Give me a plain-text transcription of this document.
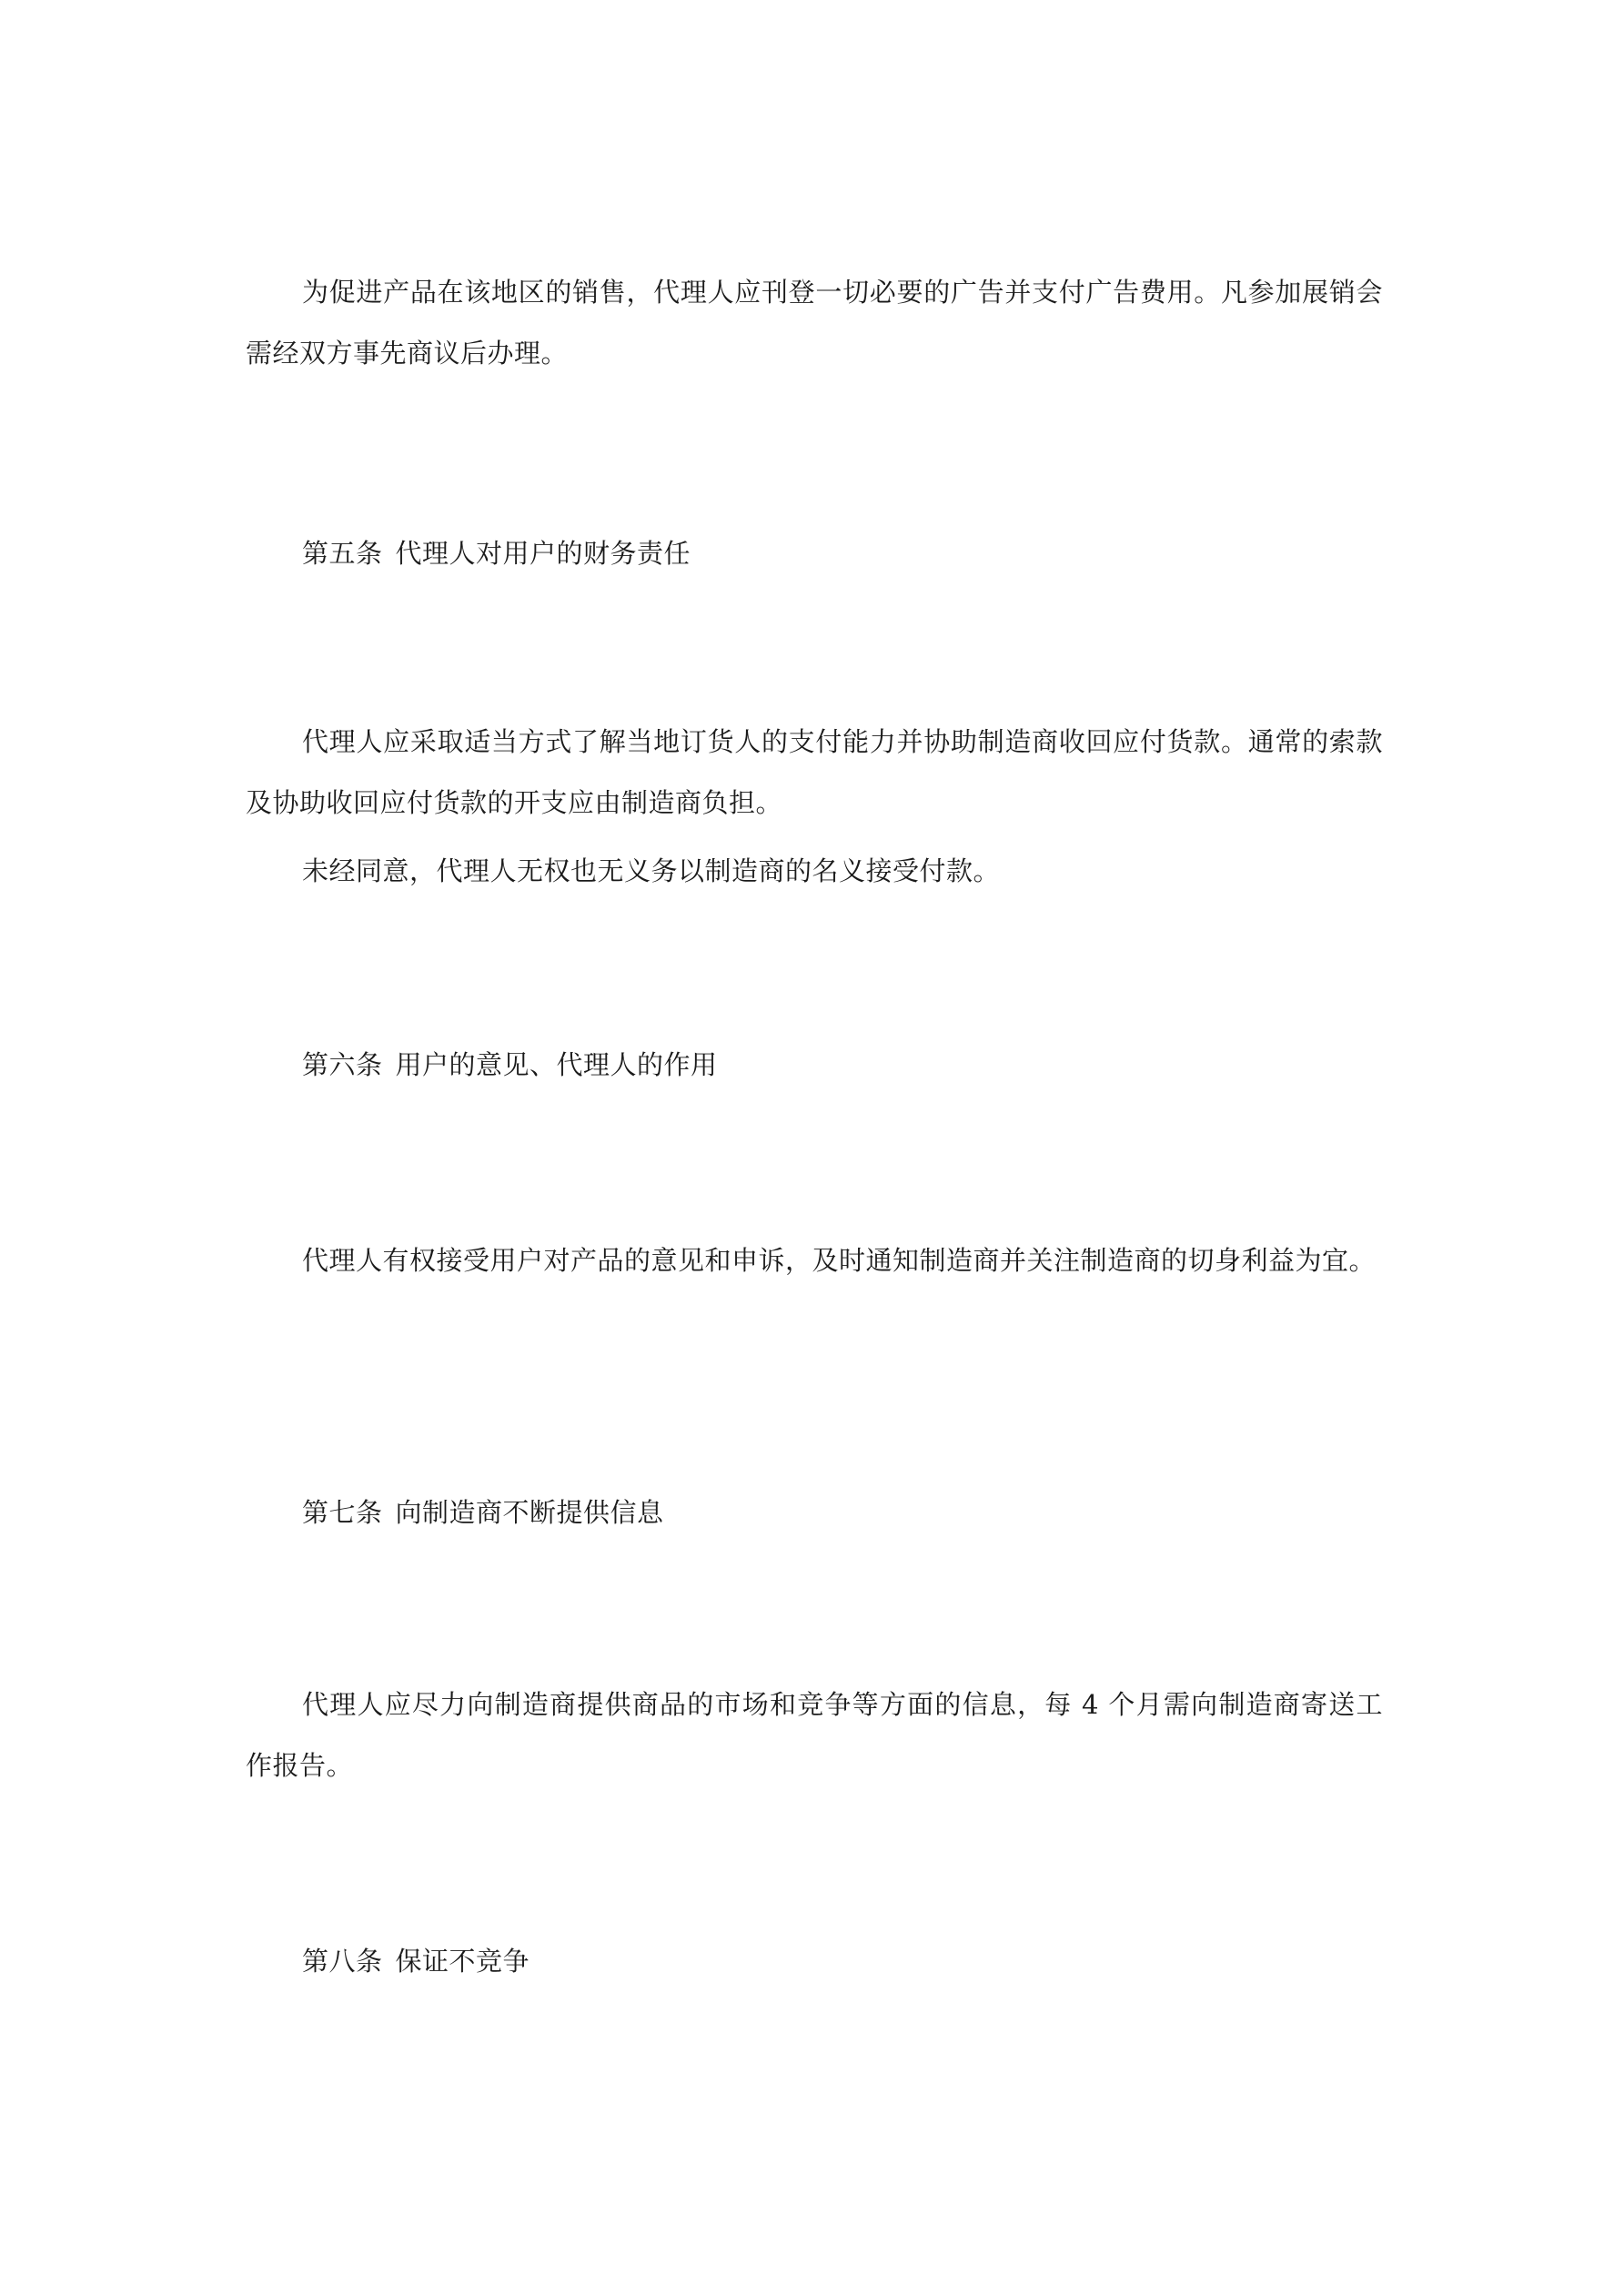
为促进产品在该地区的销售，代理人应刊登一切必要的广告并支付广告费用。凡参加展销会需经双方事先商议后办理。

第五条 代理人对用户的财务责任

代理人应采取适当方式了解当地订货人的支付能力并协助制造商收回应付货款。通常的索款及协助收回应付货款的开支应由制造商负担。

未经同意，代理人无权也无义务以制造商的名义接受付款。

第六条 用户的意见、代理人的作用

代理人有权接受用户对产品的意见和申诉，及时通知制造商并关注制造商的切身利益为宜。

第七条 向制造商不断提供信息

代理人应尽力向制造商提供商品的市场和竞争等方面的信息，每 4 个月需向制造商寄送工作报告。

第八条 保证不竞争
